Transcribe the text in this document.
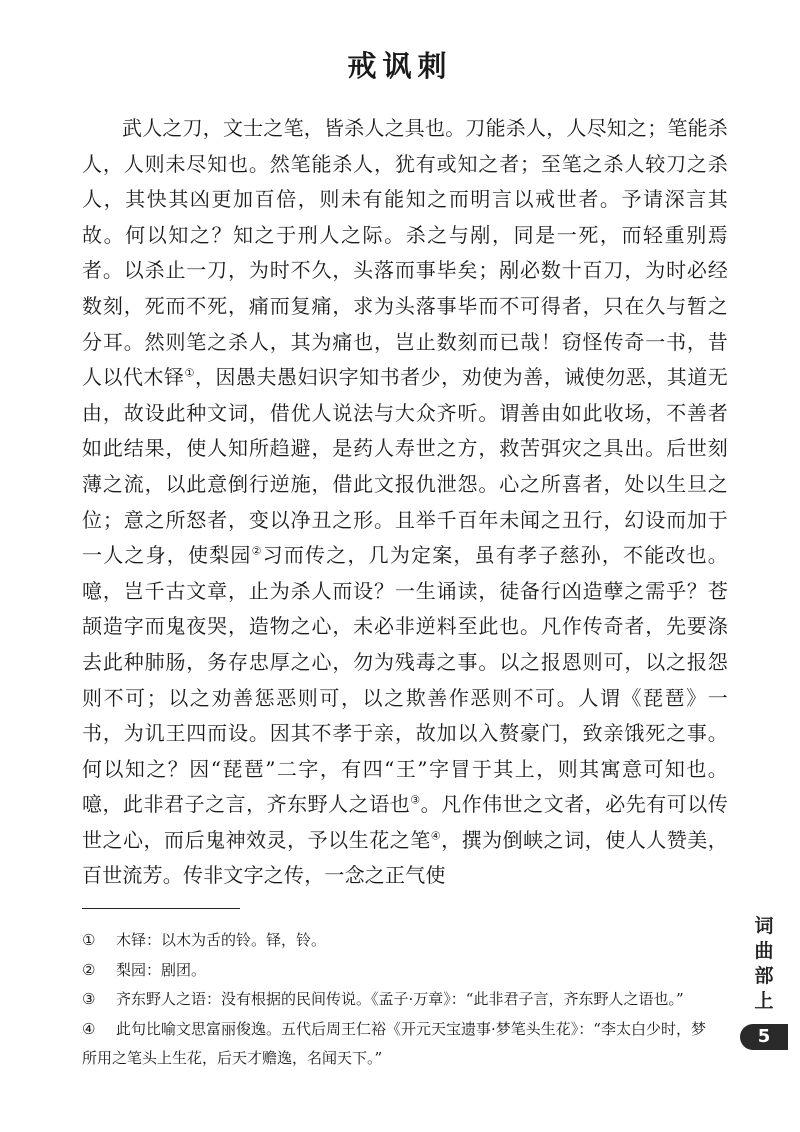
戒讽刺

武人之刀，文士之笔，皆杀人之具也。刀能杀人，人尽知之；笔能杀人，人则未尽知也。然笔能杀人，犹有或知之者；至笔之杀人较刀之杀人，其快其凶更加百倍，则未有能知之而明言以戒世者。予请深言其故。何以知之？知之于刑人之际。杀之与剐，同是一死，而轻重别焉者。以杀止一刀，为时不久，头落而事毕矣；剐必数十百刀，为时必经数刻，死而不死，痛而复痛，求为头落事毕而不可得者，只在久与暂之分耳。然则笔之杀人，其为痛也，岂止数刻而已哉！窃怪传奇一书，昔人以代木铎①，因愚夫愚妇识字知书者少，劝使为善，诫使勿恶，其道无由，故设此种文词，借优人说法与大众齐听。谓善由如此收场，不善者如此结果，使人知所趋避，是药人寿世之方，救苦弭灾之具出。后世刻薄之流，以此意倒行逆施，借此文报仇泄怨。心之所喜者，处以生旦之位；意之所怒者，变以净丑之形。且举千百年未闻之丑行，幻设而加于一人之身，使梨园②习而传之，几为定案，虽有孝子慈孙，不能改也。噫，岂千古文章，止为杀人而设？一生诵读，徒备行凶造孽之需乎？苍颉造字而鬼夜哭，造物之心，未必非逆料至此也。凡作传奇者，先要涤去此种肺肠，务存忠厚之心，勿为残毒之事。以之报恩则可，以之报怨则不可；以之劝善惩恶则可，以之欺善作恶则不可。人谓《琵琶》一书，为讥王四而设。因其不孝于亲，故加以入赘豪门，致亲饿死之事。何以知之？因“琵琶”二字，有四“王”字冒于其上，则其寓意可知也。噫，此非君子之言，齐东野人之语也③。凡作伟世之文者，必先有可以传世之心，而后鬼神效灵，予以生花之笔④，撰为倒峡之词，使人人赞美，百世流芳。传非文字之传，一念之正气使

① 木铎：以木为舌的铃。铎，铃。

② 梨园：剧团。

③ 齐东野人之语：没有根据的民间传说。《孟子·万章》：“此非君子言，齐东野人之语也。”

④ 此句比喻文思富丽俊逸。五代后周王仁裕《开元天宝遗事·梦笔头生花》：“李太白少时，梦所用之笔头上生花，后天才赡逸，名闻天下。”

词
曲
部
上
5
